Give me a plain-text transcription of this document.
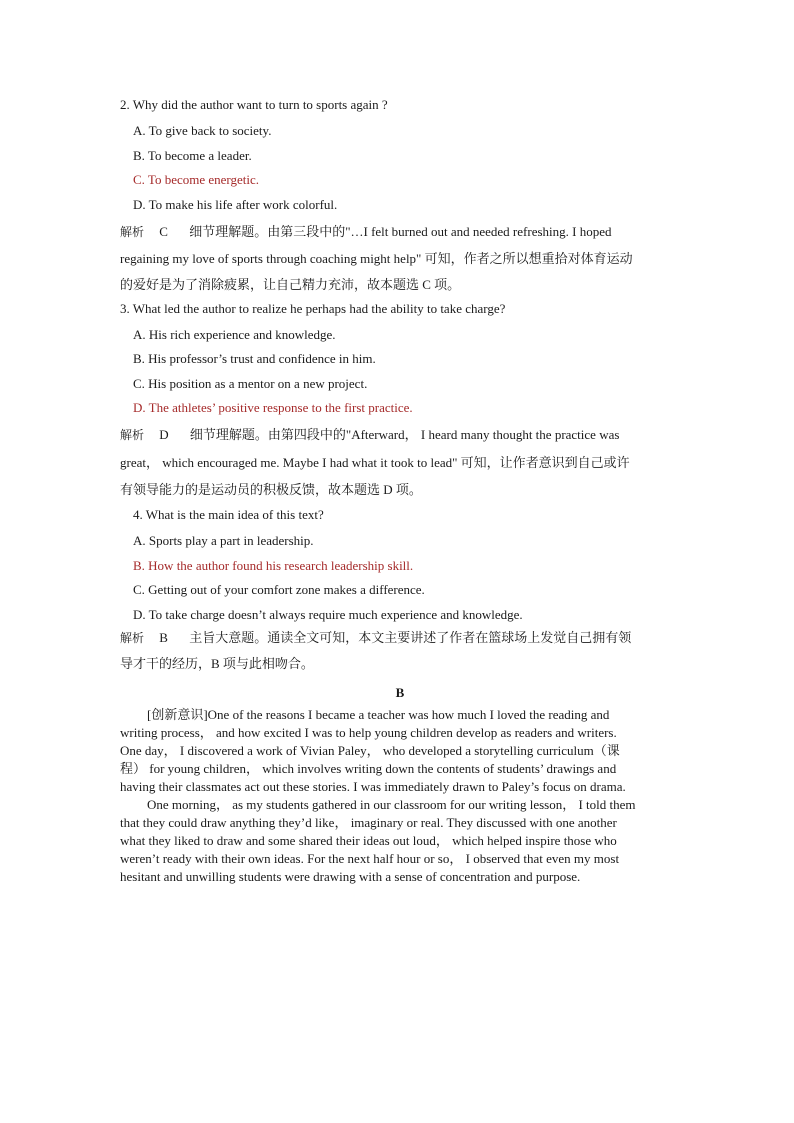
2. Why did the author want to turn to sports again ?
A. To give back to society.
B. To become a leader.
C. To become energetic.
D. To make his life after work colorful.
解析 C 细节理解题。由第三段中的"…I felt burned out and needed refreshing. I hoped
regaining my love of sports through coaching might help" 可知，作者之所以想重拾对体育运动
的爱好是为了消除疲累，让自己精力充沛，故本题选 C 项。
3. What led the author to realize he perhaps had the ability to take charge?
A. His rich experience and knowledge.
B. His professor’s trust and confidence in him.
C. His position as a mentor on a new project.
D. The athletes’ positive response to the first practice.
解析 D 细节理解题。由第四段中的"Afterward， I heard many thought the practice was
great， which encouraged me. Maybe I had what it took to lead" 可知，让作者意识到自己或许
有领导能力的是运动员的积极反馈，故本题选 D 项。
4. What is the main idea of this text?
A. Sports play a part in leadership.
B. How the author found his research leadership skill.
C. Getting out of your comfort zone makes a difference.
D. To take charge doesn’t always require much experience and knowledge.
解析 B 主旨大意题。通读全文可知，本文主要讲述了作者在篮球场上发觉自己拥有领
导才干的经历，B 项与此相吻合。
B
[创新意识]One of the reasons I became a teacher was how much I loved the reading and
writing process， and how excited I was to help young children develop as readers and writers.
One day， I discovered a work of Vivian Paley， who developed a storytelling curriculum（课
程） for young children， which involves writing down the contents of students’ drawings and
having their classmates act out these stories. I was immediately drawn to Paley’s focus on drama.
One morning， as my students gathered in our classroom for our writing lesson， I told them
that they could draw anything they’d like， imaginary or real. They discussed with one another
what they liked to draw and some shared their ideas out loud， which helped inspire those who
weren’t ready with their own ideas. For the next half hour or so， I observed that even my most
hesitant and unwilling students were drawing with a sense of concentration and purpose.
